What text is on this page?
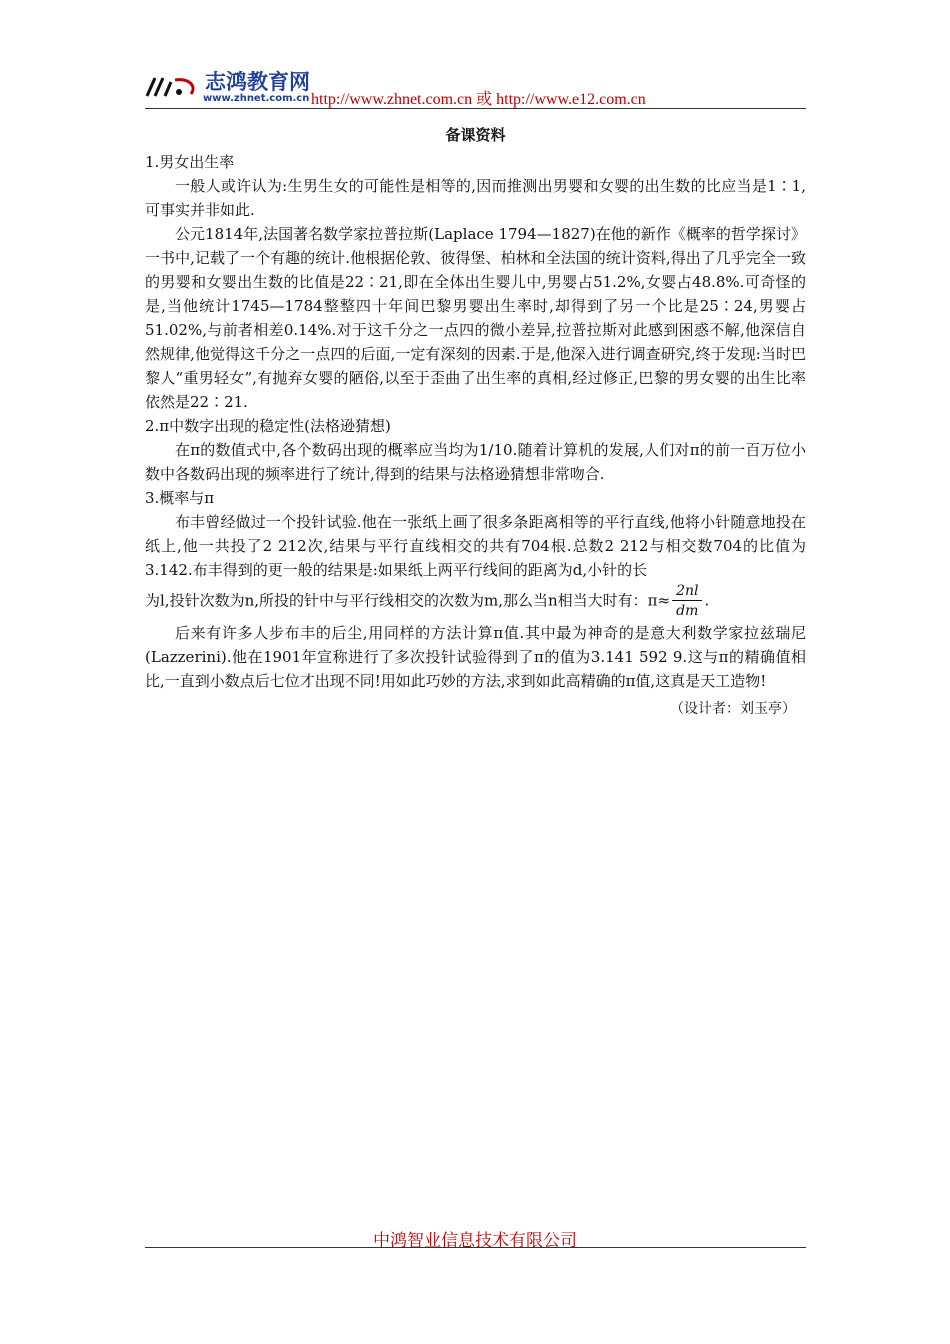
志鸿教育网
www.zhnet.com.cn http://www.zhnet.com.cn 或 http://www.e12.com.cn
备课资料

1.男女出生率

一般人或许认为:生男生女的可能性是相等的,因而推测出男婴和女婴的出生数的比应当是1∶1,可事实并非如此.

公元1814年,法国著名数学家拉普拉斯(Laplace 1794—1827)在他的新作《概率的哲学探讨》一书中,记载了一个有趣的统计.他根据伦敦、彼得堡、柏林和全法国的统计资料,得出了几乎完全一致的男婴和女婴出生数的比值是22∶21,即在全体出生婴儿中,男婴占51.2%,女婴占48.8%.可奇怪的是,当他统计1745—1784整整四十年间巴黎男婴出生率时,却得到了另一个比是25∶24,男婴占51.02%,与前者相差0.14%.对于这千分之一点四的微小差异,拉普拉斯对此感到困惑不解,他深信自然规律,他觉得这千分之一点四的后面,一定有深刻的因素.于是,他深入进行调查研究,终于发现:当时巴黎人“重男轻女”,有抛弃女婴的陋俗,以至于歪曲了出生率的真相,经过修正,巴黎的男女婴的出生比率依然是22∶21.

2.π中数字出现的稳定性(法格逊猜想)

在π的数值式中,各个数码出现的概率应当均为1/10.随着计算机的发展,人们对π的前一百万位小数中各数码出现的频率进行了统计,得到的结果与法格逊猜想非常吻合.

3.概率与π

布丰曾经做过一个投针试验.他在一张纸上画了很多条距离相等的平行直线,他将小针随意地投在纸上,他一共投了2 212次,结果与平行直线相交的共有704根.总数2 212与相交数704的比值为3.142.布丰得到的更一般的结果是:如果纸上两平行线间的距离为d,小针的长

为l,投针次数为n,所投的针中与平行线相交的次数为m,那么当n相当大时有：$\pi\approx \frac{2nl}{dm}$ .

后来有许多人步布丰的后尘,用同样的方法计算π值.其中最为神奇的是意大利数学家拉兹瑞尼(Lazzerini).他在1901年宣称进行了多次投针试验得到了π的值为3.141 592 9.这与π的精确值相比,一直到小数点后七位才出现不同!用如此巧妙的方法,求到如此高精确的π值,这真是天工造物!

（设计者：刘玉亭）

中鸿智业信息技术有限公司
